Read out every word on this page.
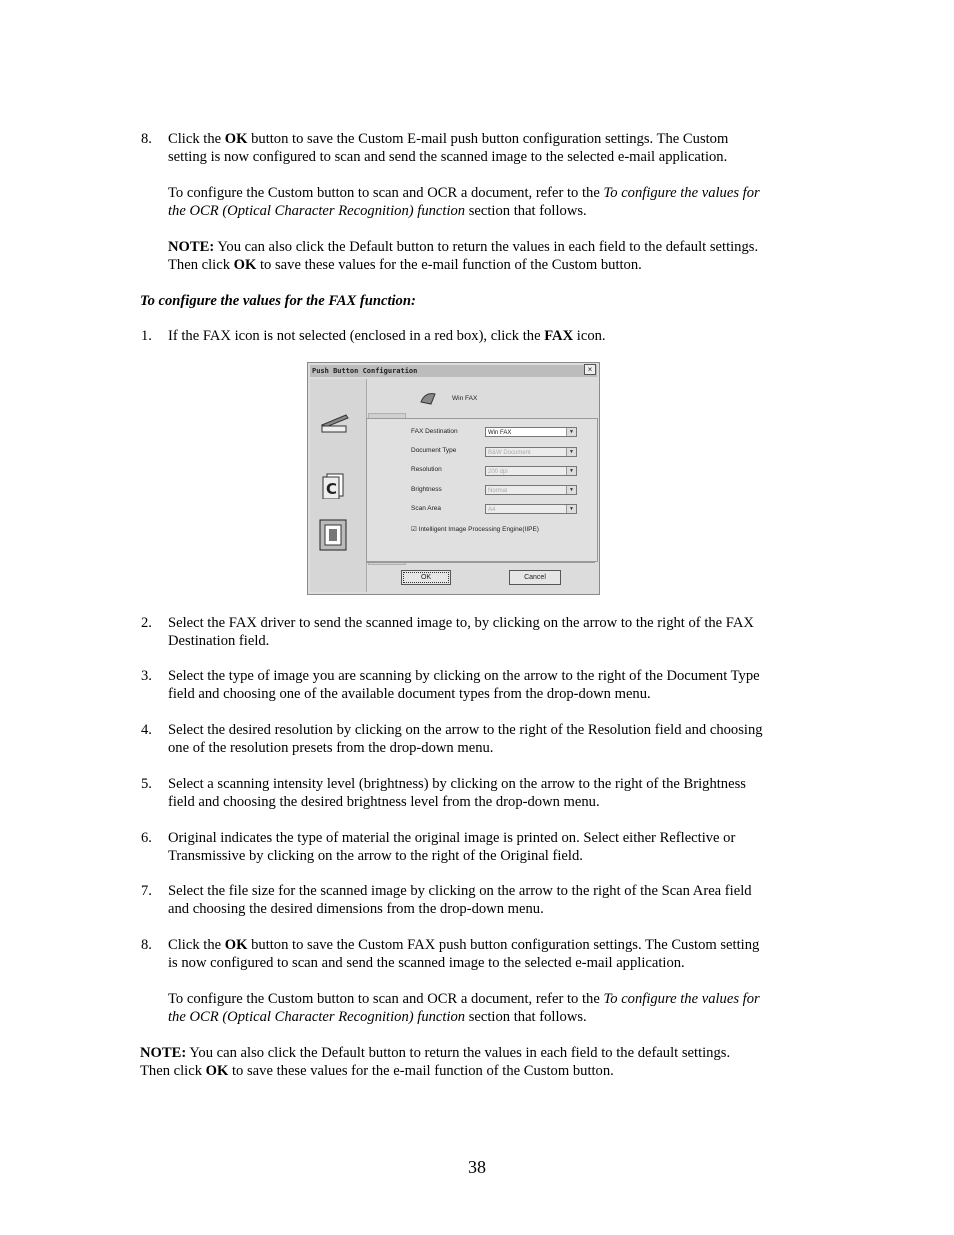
8. Click the OK button to save the Custom E-mail push button configuration settings. The Custom
setting is now configured to scan and send the scanned image to the selected e-mail application.
To configure the Custom button to scan and OCR a document, refer to the To configure the values for
the OCR (Optical Character Recognition) function section that follows.
NOTE: You can also click the Default button to return the values in each field to the default settings.
Then click OK to save these values for the e-mail function of the Custom button.
To configure the values for the FAX function:
1. If the FAX icon is not selected (enclosed in a red box), click the FAX icon.
Push Button Configuration	×
C
Win FAX
FAX Destination	Win FAX	▼
Document Type	B&W Document	▼
Resolution	200 dpi	▼
Brightness	Normal	▼
Scan Area	A4	▼
☑ Intelligent Image Processing Engine(IIPE)
OK	Cancel
2. Select the FAX driver to send the scanned image to, by clicking on the arrow to the right of the FAX
Destination field.
3. Select the type of image you are scanning by clicking on the arrow to the right of the Document Type
field and choosing one of the available document types from the drop-down menu.
4. Select the desired resolution by clicking on the arrow to the right of the Resolution field and choosing
one of the resolution presets from the drop-down menu.
5. Select a scanning intensity level (brightness) by clicking on the arrow to the right of the Brightness
field and choosing the desired brightness level from the drop-down menu.
6. Original indicates the type of material the original image is printed on. Select either Reflective or
Transmissive by clicking on the arrow to the right of the Original field.
7. Select the file size for the scanned image by clicking on the arrow to the right of the Scan Area field
and choosing the desired dimensions from the drop-down menu.
8. Click the OK button to save the Custom FAX push button configuration settings. The Custom setting
is now configured to scan and send the scanned image to the selected e-mail application.
To configure the Custom button to scan and OCR a document, refer to the To configure the values for
the OCR (Optical Character Recognition) function section that follows.
NOTE: You can also click the Default button to return the values in each field to the default settings.
Then click OK to save these values for the e-mail function of the Custom button.
38
